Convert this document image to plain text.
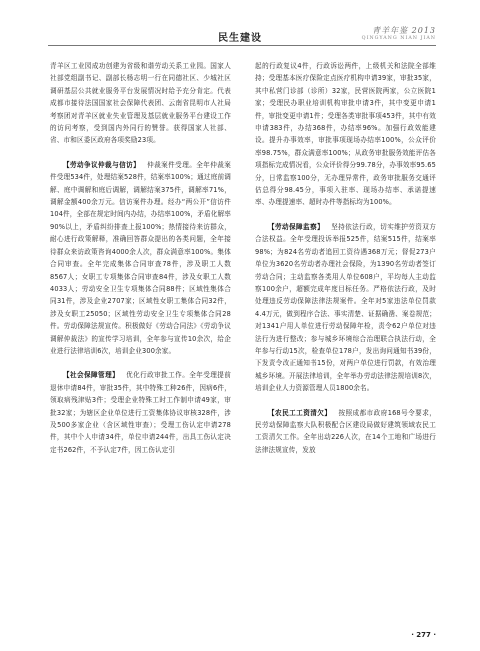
民生建设
青羊年鉴 2013
QINGYANG NIAN JIAN

青羊区工业园成功创建为省级和谐劳动关系工业园。国家人社部党组副书记、副部长杨志明一行在同德社区、少城社区调研基层公共就业服务平台发展情况时给予充分肯定。代表成都市接待法国国家社会保障代表团、云南省昆明市人社局考察团对青羊区就业失业管理及基层就业服务平台建设工作的访问考察，受到国内外同行的赞誉。获得国家人社部、省、市和区委区政府各项奖励23项。

【劳动争议仲裁与信访】  仲裁案件受理。全年仲裁案件受理534件，处理结案528件，结案率100%；通过庭前调解、庭中调解和庭后调解，调解结案375件，调解率71%，调解金额400余万元。信访案件办理。经办“两公开”信访件104件，全部在规定时间内办结，办结率100%，矛盾化解率90%以上，矛盾纠纷排查上报100%；热情接待来访群众，耐心进行政策解释，准确回答群众提出的各类问题，全年接待群众来访政策咨询4000余人次，群众满意率100%。集体合同审查。全年完成集体合同审查78件，涉及职工人数8567人；女职工专项集体合同审查84件，涉及女职工人数4033人；劳动安全卫生专项集体合同88件；区域性集体合同31件，涉及企业2707家；区域性女职工集体合同32件，涉及女职工25050；区域性劳动安全卫生专项集体合同28件。劳动保障法规宣传。积极做好《劳动合同法》《劳动争议调解仲裁法》的宣传学习培训，全年参与宣传10余次，给企业进行法律培训6次，培训企业300余家。

【社会保障管理】  优化行政审批工作。全年受理提前退休申请84件，审批35件，其中特殊工种26件，因病6件，领取病残津贴3件；受理企业特殊工时工作制申请49家，审批32家；为辖区企业单位进行工资集体协议审核328件，涉及500多家企业（含区域性审查）；受理工伤认定申请278件，其中个人申请34件，单位申请244件，出具工伤认定决定书262件，不予认定7件，因工伤认定引

起的行政复议4件，行政诉讼两件，上级机关和法院全部维持；受理基本医疗保险定点医疗机构申请39家，审批35家，其中私营门诊部（诊所）32家，民营医院两家，公立医院1家；受理民办职业培训机构审批申请3件，其中变更申请1件，审批变更申请1件；受理各类审批事项453件，其中有效申请383件，办结368件，办结率96%。加强行政效能建设。提升办事效率，审批事项现场办结率100%，公众评价率98.75%，群众满意率100%；从政务审批服务效能评估各项指标完成情况看，公众评价得分99.78分，办事效率95.65分，日常监察100分，无办理异常件，政务审批服务交通评估总得分98.45分，事项入驻率、现场办结率、承诺提速率、办理提速率、超时办件等指标均为100%。

【劳动保障监察】  坚持依法行政，切实维护劳资双方合法权益。全年受理投诉举报525件，结案515件，结案率98%；为824名劳动者追回工资待遇368万元；督促273户单位为3620名劳动者办理社会保险，为1390名劳动者签订劳动合同；主动监察各类用人单位608户，平均每人主动监察100余户，超额完成年度目标任务。严格依法行政，及时处理违反劳动保障法律法规案件。全年对5家违法单位罚款4.4万元，做到程序合法、事实清楚、证据确凿、案卷规范；对1341户用人单位进行劳动保障年检，责令62户单位对违法行为进行整改；参与城乡环境综合治理联合执法行动，全年参与行动15次，检查单位178户，发出询问通知书39份，下发责令改正通知书15份，对两户单位进行罚款，有效治理城乡环境。开展法律培训，全年举办劳动法律法规培训8次，培训企业人力资源管理人员1800余名。

【农民工工资清欠】  按照成都市政府168号令要求，民劳动保障监察大队积极配合区建设局做好建筑领域农民工工资清欠工作。全年出动226人次，在14个工地和广场进行法律法规宣传，发放

· 277 ·
